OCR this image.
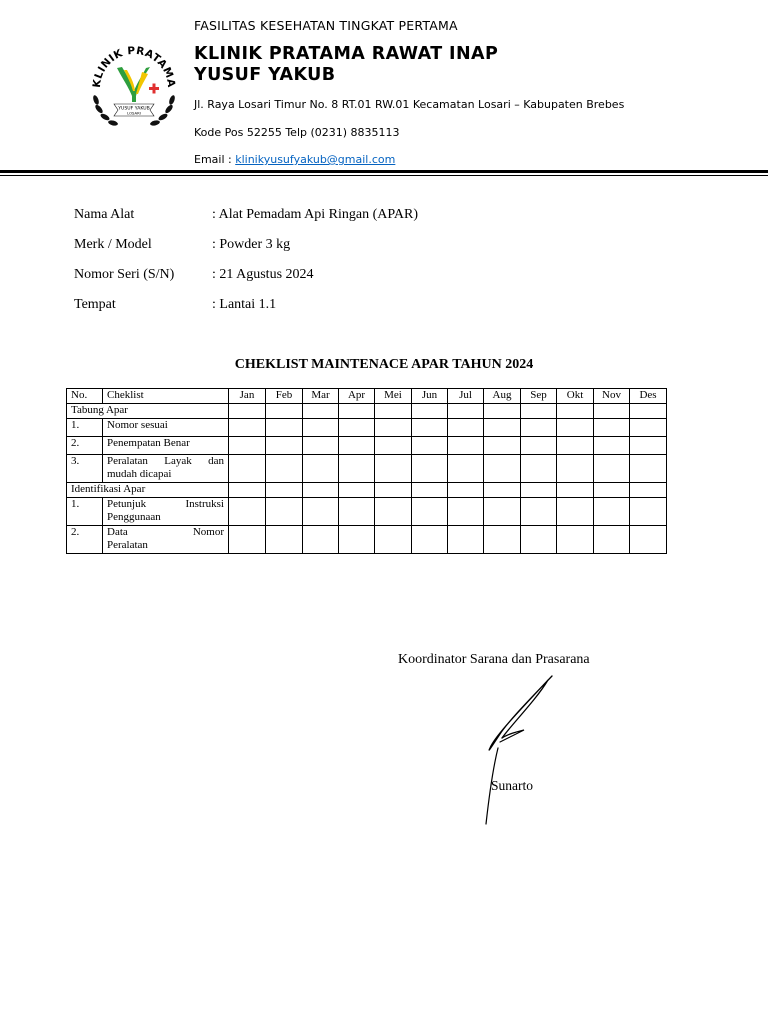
KLINIK PRATAMA
YUSUF YAKUB
LOSARI
FASILITAS KESEHATAN TINGKAT PERTAMA
KLINIK PRATAMA RAWAT INAP
YUSUF YAKUB
Jl. Raya Losari Timur No. 8 RT.01 RW.01 Kecamatan Losari – Kabupaten Brebes
Kode Pos 52255 Telp (0231) 8835113
Email : klinikyusufyakub@gmail.com
Nama Alat	: Alat Pemadam Api Ringan (APAR)
Merk / Model	: Powder 3 kg
Nomor Seri (S/N)	: 21 Agustus 2024
Tempat	: Lantai 1.1
CHEKLIST MAINTENACE APAR TAHUN 2024
No.	Cheklist	Jan	Feb	Mar	Apr	Mei	Jun	Jul	Aug	Sep	Okt	Nov	Des
Tabung Apar													
1.	Nomor sesuai												
2.	Penempatan Benar												
3.	Peralatan Layak dan
mudah dicapai												

Identifikasi Apar													
1.	Petunjuk Instruksi
Penggunaan												

2.	Data Nomor
Peralatan												

Koordinator Sarana dan Prasarana
Sunarto
